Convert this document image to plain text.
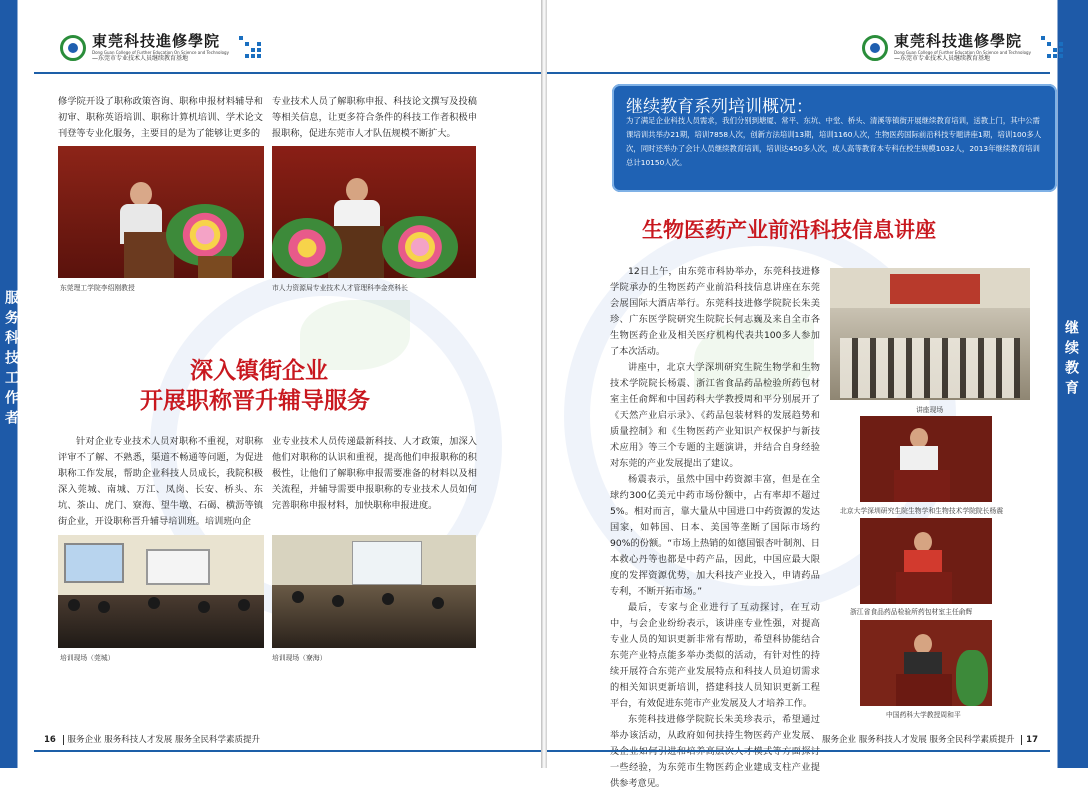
服务科技工作者
東莞科技進修學院
Dong Guan College of Further Education On Science and Technology
—东莞市专业技术人员继续教育基地

修学院开设了职称政策咨询、职称申报材料辅导和初审、职称英语培训、职称计算机培训、学术论文刊登等专业化服务，主要目的是为了能够让更多的

专业技术人员了解职称申报、科技论文撰写及投稿等相关信息，让更多符合条件的科技工作者积极申报职称，促进东莞市人才队伍规模不断扩大。

东莞理工学院李绍刚教授	市人力资源局专业技术人才管理科李金亮科长
深入镇街企业
开展职称晋升辅导服务

针对企业专业技术人员对职称不重视，对职称评审不了解、不熟悉，渠道不畅通等问题，为促进职称工作发展，帮助企业科技人员成长，我院积极深入莞城、南城、万江、凤岗、长安、桥头、东坑、茶山、虎门、寮海、望牛墩、石碣、横沥等镇街企业，开设职称晋升辅导培训班。培训班向企

业专业技术人员传递最新科技、人才政策，加深入他们对职称的认识和重视，提高他们申报职称的积极性，让他们了解职称申报需要准备的材料以及相关流程，并辅导需要申报职称的专业技术人员如何完善职称申报材料，加快职称申报进度。

培训现场（莞城）	培训现场（寮海）
16 服务企业 服务科技人才发展 服务全民科学素质提升
继续教育
東莞科技進修學院
Dong Guan College of Further Education On Science and Technology
—东莞市专业技术人员继续教育基地
继续教育系列培训概况：
为了满足企业科技人员需求，我们分别到塘厦、常平、东坑、中堂、桥头、清溪等镇街开展继续教育培训，送教上门，其中公需课培训共举办21期，培训7858人次，创新方法培训13期，培训1160人次，生物医药国际前沿科技专题讲座1期，培训100多人次，同时还举办了会计人员继续教育培训，培训达450多人次，成人高等教育本专科在校生规模1032人，2013年继续教育培训总计10150人次。
生物医药产业前沿科技信息讲座

12日上午，由东莞市科协举办，东莞科技进修学院承办的生物医药产业前沿科技信息讲座在东莞会展国际大酒店举行。东莞科技进修学院院长朱美珍、广东医学院研究生院院长何志巍及来自全市各生物医药企业及相关医疗机构代表共100多人参加了本次活动。

讲座中，北京大学深圳研究生院生物学和生物技术学院院长杨震、浙江省食品药品检验所药包材室主任俞辉和中国药科大学教授周和平分别展开了《天然产业启示录》、《药品包装材料的发展趋势和质量控制》和《生物医药产业知识产权保护与新技术应用》等三个专题的主题演讲，并结合自身经验对东莞的产业发展提出了建议。

杨震表示，虽然中国中药资源丰富，但是在全球约300亿美元中药市场份额中，占有率却不超过5%。相对而言，靠大量从中国进口中药资源的发达国家，如韩国、日本、美国等垄断了国际市场约90%的份额。“市场上热销的如德国银杏叶制剂、日本救心丹等也都是中药产品，因此，中国应最大限度的发挥资源优势，加大科技产业投入，申请药品专利，不断开拓市场。”

最后，专家与企业进行了互动探讨，在互动中，与会企业纷纷表示，该讲座专业性强，对提高专业人员的知识更新非常有帮助，希望科协能结合东莞产业特点能多举办类似的活动，有针对性的持续开展符合东莞产业发展特点和科技人员迫切需求的相关知识更新培训，搭建科技人员知识更新工程平台，有效促进东莞市产业发展及人才培养工作。

东莞科技进修学院院长朱美珍表示，希望通过举办该活动，从政府如何扶持生物医药产业发展、 一些经验，为东莞市生物医药企业建成支柱产业提供参考意见。

讲座现场
北京大学深圳研究生院生物学和生物技术学院院长杨震
浙江省食品药品检验所药包材室主任俞辉
中国药科大学教授周和平
服务企业 服务科技人才发展 服务全民科学素质提升 17
